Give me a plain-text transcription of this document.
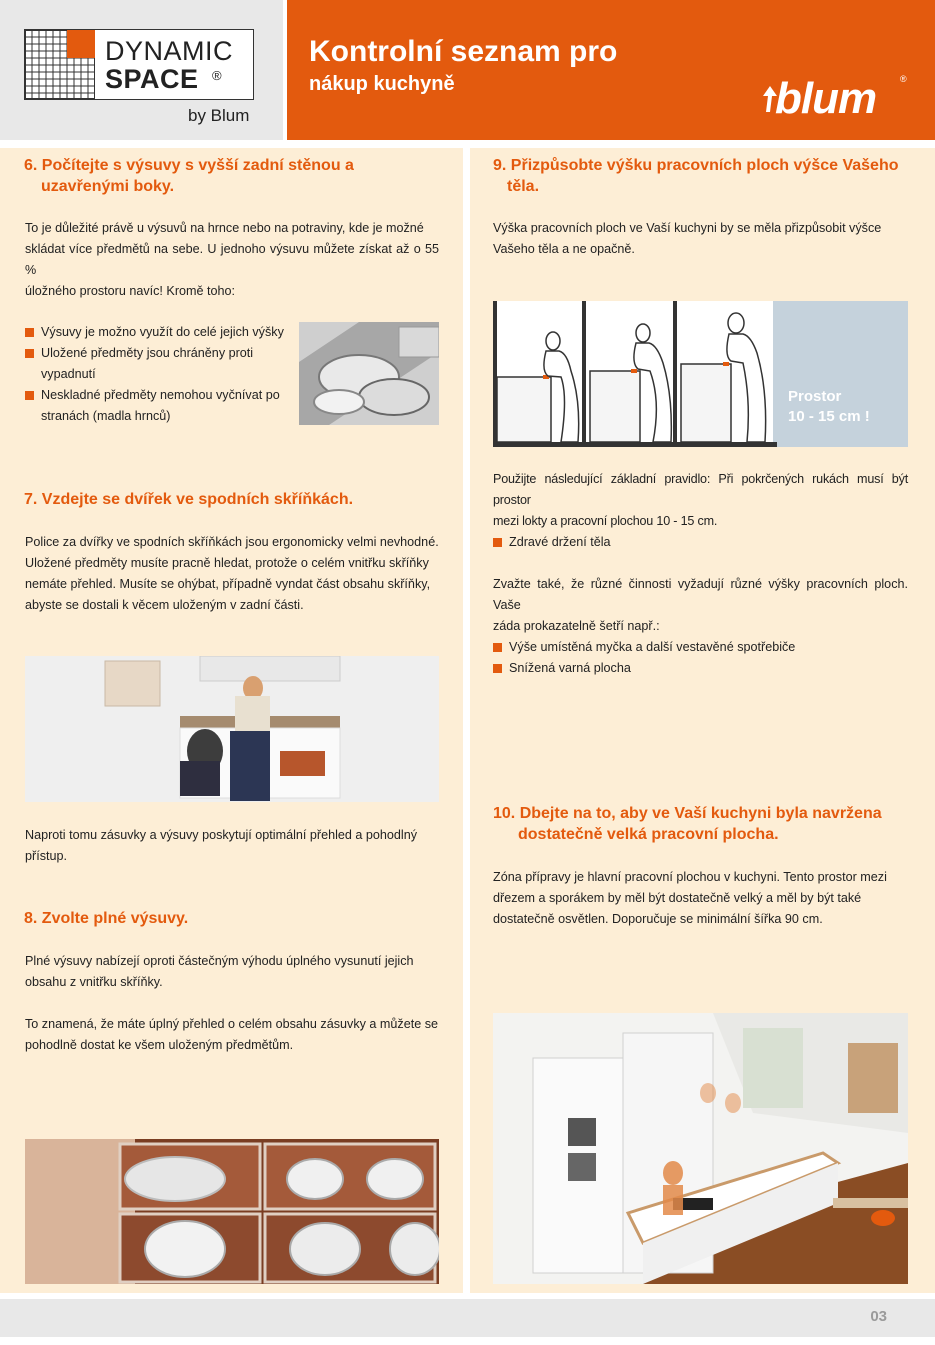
DYNAMIC
SPACE ®
by Blum
Kontrolní seznam pro
nákup kuchyně	blum	®
6. Počítejte s výsuvy s vyšší zadní stěnou a
uzavřenými boky.
To je důležité právě u výsuvů na hrnce nebo na potraviny, kde je možné
skládat více předmětů na sebe. U jednoho výsuvu můžete získat až o 55 %
úložného prostoru navíc! Kromě toho:
Výsuvy je možno využít do celé jejich výšky
Uložené předměty jsou chráněny proti
vypadnutí
Neskladné předměty nemohou vyčnívat po
stranách (madla hrnců)
7. Vzdejte se dvířek ve spodních skříňkách.
Police za dvířky ve spodních skříňkách jsou ergonomicky velmi nevhodné.
Uložené předměty musíte pracně hledat, protože o celém vnitřku skříňky
nemáte přehled. Musíte se ohýbat, případně vyndat část obsahu skříňky,
abyste se dostali k věcem uloženým v zadní části.
Naproti tomu zásuvky a výsuvy poskytují optimální přehled a pohodlný
přístup.
8. Zvolte plné výsuvy.
Plné výsuvy nabízejí oproti částečným výhodu úplného vysunutí jejich
obsahu z vnitřku skříňky.
To znamená, že máte úplný přehled o celém obsahu zásuvky a můžete se
pohodlně dostat ke všem uloženým předmětům.
9. Přizpůsobte výšku pracovních ploch výšce Vašeho
těla.
Výška pracovních ploch ve Vaší kuchyni by se měla přizpůsobit výšce
Vašeho těla a ne opačně.
Prostor
10 - 15 cm !
Použijte následující základní pravidlo: Při pokrčených rukách musí být prostor
mezi lokty a pracovní plochou 10 - 15 cm.
Zdravé držení těla
Zvažte také, že různé činnosti vyžadují různé výšky pracovních ploch. Vaše
záda prokazatelně šetří např.:
Výše umístěná myčka a další vestavěné spotřebiče
Snížená varná plocha
10. Dbejte na to, aby ve Vaší kuchyni byla navržena
dostatečně velká pracovní plocha.
Zóna přípravy je hlavní pracovní plochou v kuchyni. Tento prostor mezi
dřezem a sporákem by měl být dostatečně velký a měl by být také
dostatečně osvětlen. Doporučuje se minimální šířka 90 cm.
03
